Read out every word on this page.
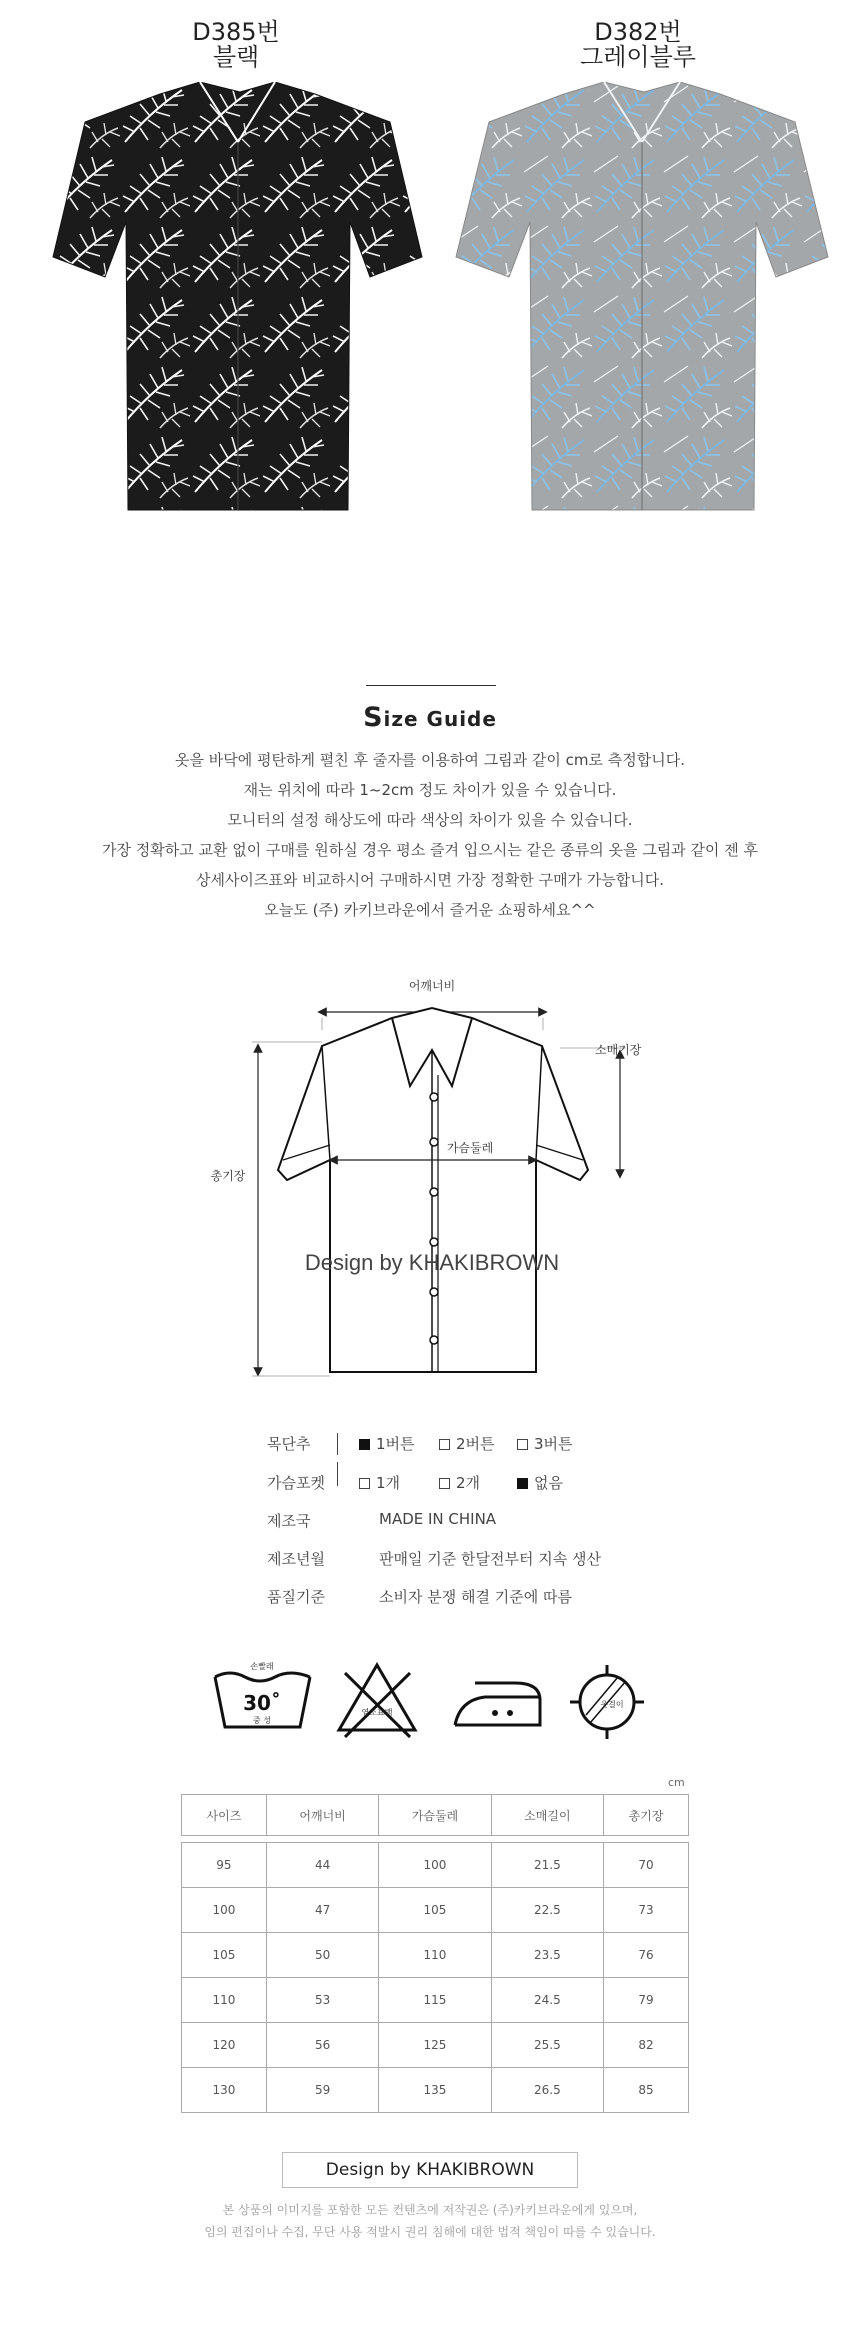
D385번
블랙
D382번
그레이블루
Size Guide
옷을 바닥에 평탄하게 펼친 후 줄자를 이용하여 그림과 같이 cm로 측정합니다.
재는 위치에 따라 1~2cm 정도 차이가 있을 수 있습니다.
모니터의 설정 해상도에 따라 색상의 차이가 있을 수 있습니다.
가장 정확하고 교환 없이 구매를 원하실 경우 평소 즐겨 입으시는 같은 종류의 옷을 그림과 같이 젠 후
상세사이즈표와 비교하시어 구매하시면 가장 정확한 구매가 가능합니다.
오늘도 (주) 카키브라운에서 즐거운 쇼핑하세요^^
어깨너비
가슴둘레
소매기장
총기장
Design by KHAKIBROWN
목단추	1버튼	2버튼	3버튼
가슴포켓	1개	2개	없음
제조국	MADE IN CHINA
제조년월	판매일 기준 한달전부터 지속 생산
품질기준	소비자 분쟁 해결 기준에 따름
손빨래
30˚
중 성
염소표백
옷걸이
cm
사이즈	어깨너비	가슴둘레	소매길이	총기장

95	44	100	21.5	70
100	47	105	22.5	73
105	50	110	23.5	76
110	53	115	24.5	79
120	56	125	25.5	82
130	59	135	26.5	85
Design by KHAKIBROWN
본 상품의 이미지를 포함한 모든 컨텐츠에 저작권은 (주)카키브라운에게 있으며,
임의 편집이나 수집, 무단 사용 적발시 권리 침해에 대한 법적 책임이 따를 수 있습니다.
